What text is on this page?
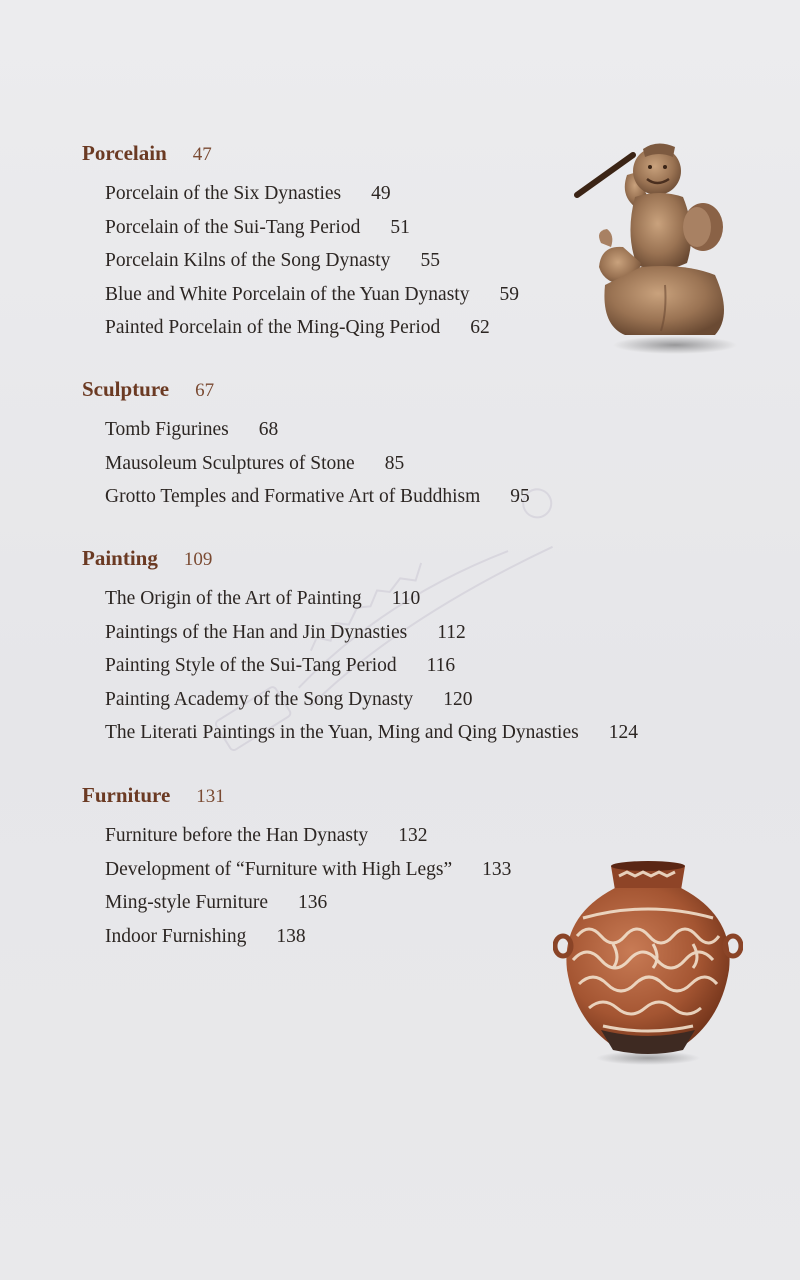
Porcelain 47
Porcelain of the Six Dynasties 49
Porcelain of the Sui-Tang Period 51
Porcelain Kilns of the Song Dynasty 55
Blue and White Porcelain of the Yuan Dynasty 59
Painted Porcelain of the Ming-Qing Period 62
Sculpture 67
Tomb Figurines 68
Mausoleum Sculptures of Stone 85
Grotto Temples and Formative Art of Buddhism 95
Painting 109
The Origin of the Art of Painting 110
Paintings of the Han and Jin Dynasties 112
Painting Style of the Sui-Tang Period 116
Painting Academy of the Song Dynasty 120
The Literati Paintings in the Yuan, Ming and Qing Dynasties 124
Furniture 131
Furniture before the Han Dynasty 132
Development of “Furniture with High Legs” 133
Ming-style Furniture 136
Indoor Furnishing 138
